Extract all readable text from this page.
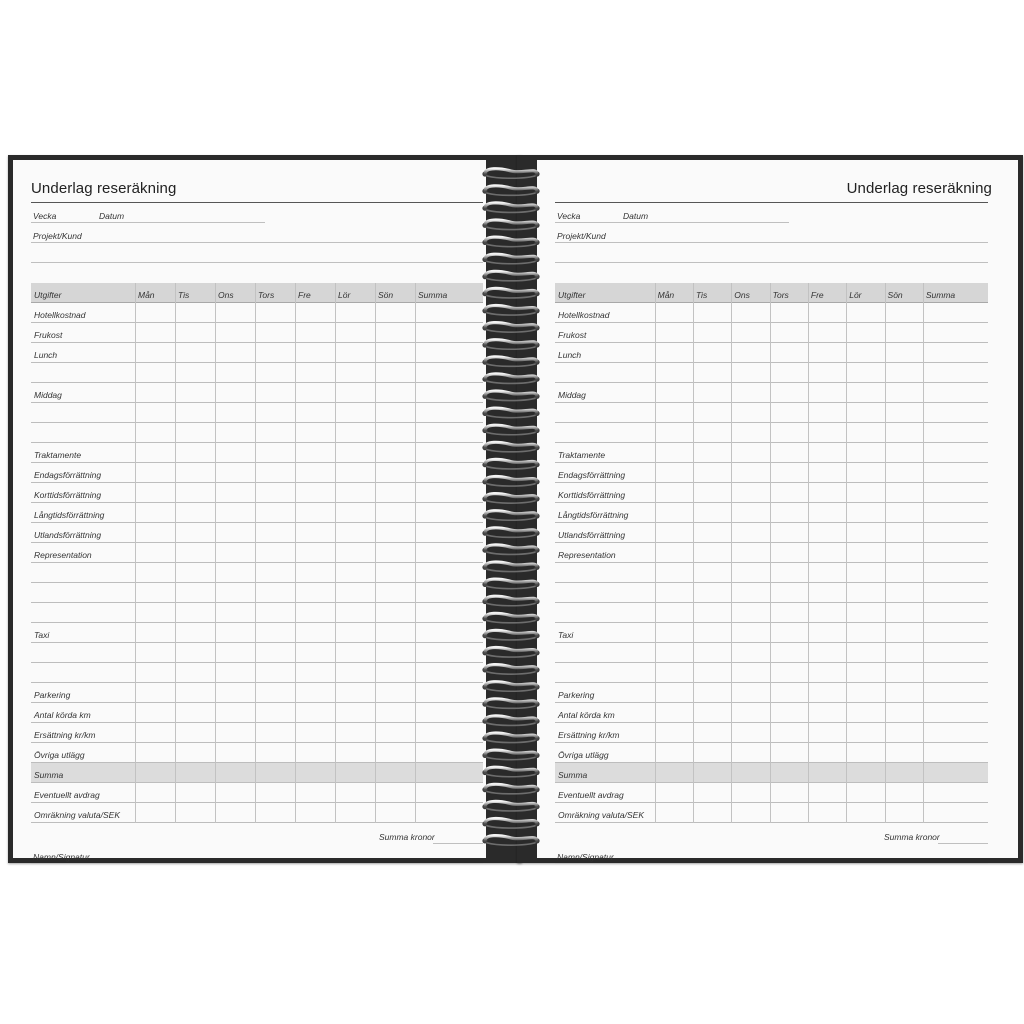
Underlag reseräkning
Vecka	Datum
Projekt/Kund
Utgifter	Mån	Tis	Ons	Tors	Fre	Lör	Sön	Summa
Hotellkostnad
Frukost
Lunch
Middag
Traktamente
Endagsförrättning
Korttidsförrättning
Långtidsförrättning
Utlandsförrättning
Representation
Taxi
Parkering
Antal körda km
Ersättning kr/km
Övriga utlägg
Summa
Eventuellt avdrag
Omräkning valuta/SEK
Summa kronor
Namn/Signatur
Underlag reseräkning
Vecka	Datum
Projekt/Kund
Utgifter	Mån	Tis	Ons	Tors	Fre	Lör	Sön	Summa
Hotellkostnad
Frukost
Lunch
Middag
Traktamente
Endagsförrättning
Korttidsförrättning
Långtidsförrättning
Utlandsförrättning
Representation
Taxi
Parkering
Antal körda km
Ersättning kr/km
Övriga utlägg
Summa
Eventuellt avdrag
Omräkning valuta/SEK
Summa kronor
Namn/Signatur
